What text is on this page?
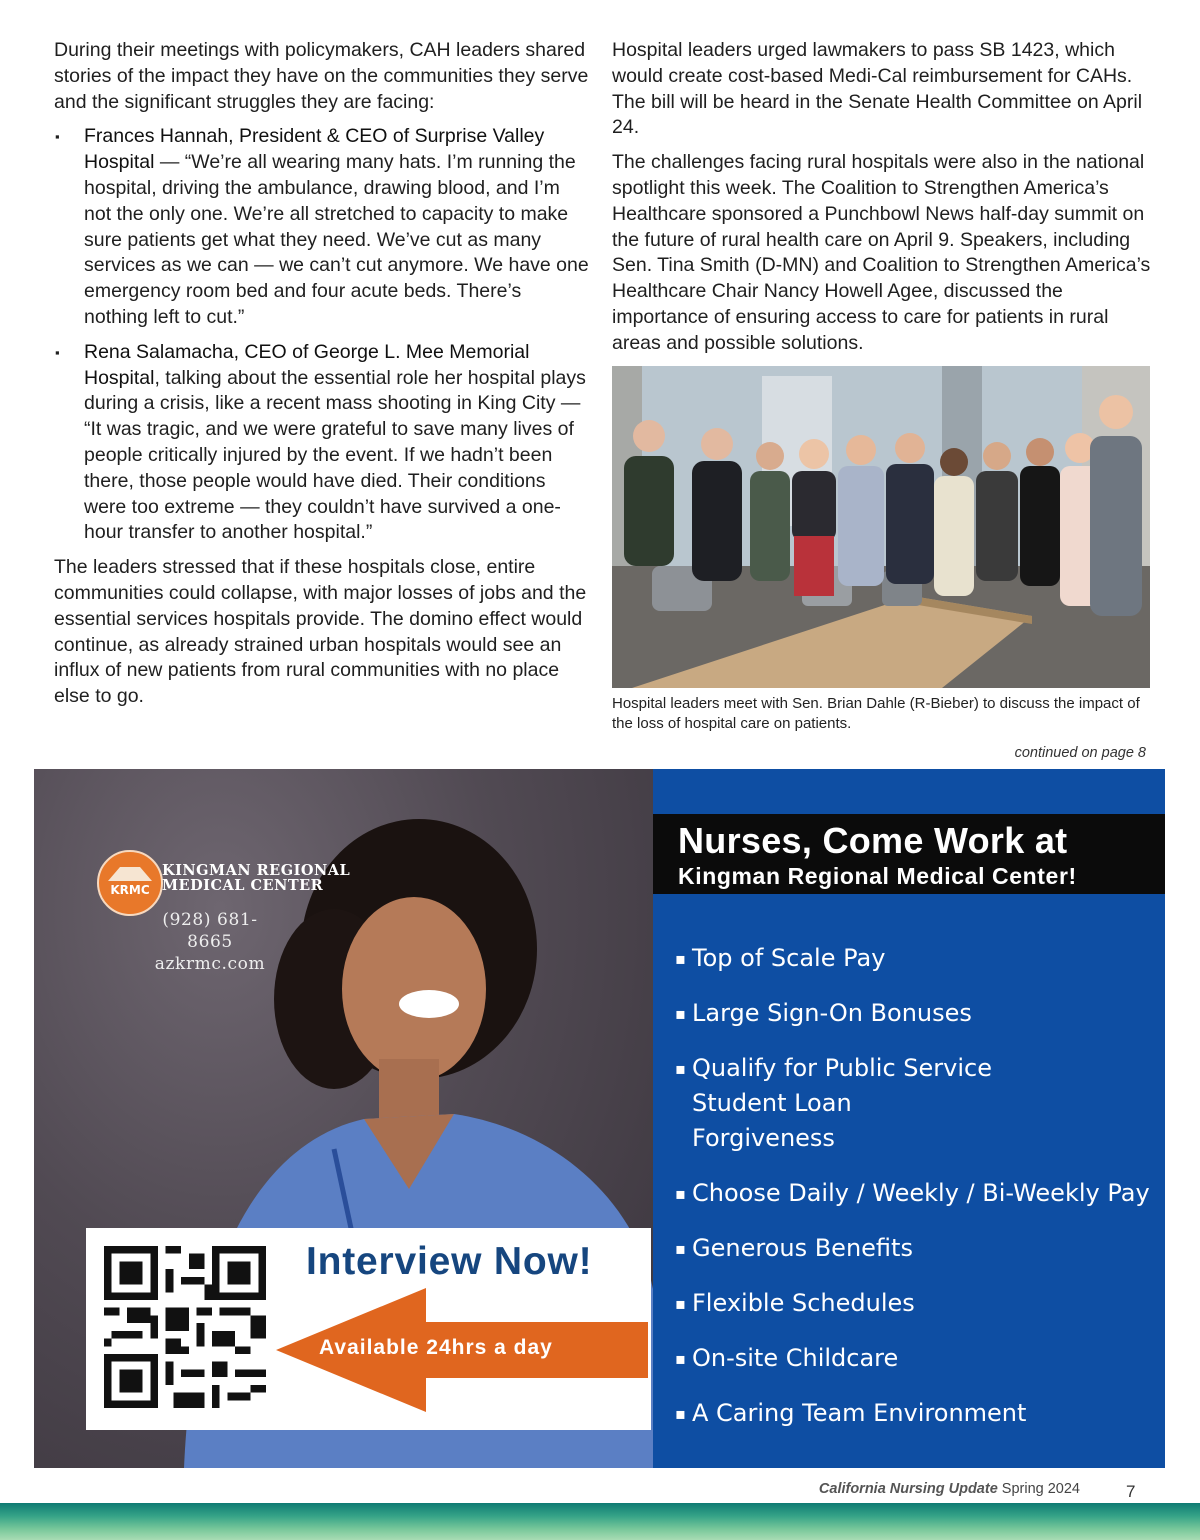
During their meetings with policymakers, CAH leaders shared stories of the impact they have on the communities they serve and the significant struggles they are facing:

▪ Frances Hannah, President & CEO of Surprise Valley Hospital — “We’re all wearing many hats. I’m running the hospital, driving the ambulance, drawing blood, and I’m not the only one. We’re all stretched to capacity to make sure patients get what they need. We’ve cut as many services as we can — we can’t cut anymore. We have one emergency room bed and four acute beds. There’s nothing left to cut.”
▪ Rena Salamacha, CEO of George L. Mee Memorial Hospital, talking about the essential role her hospital plays during a crisis, like a recent mass shooting in King City — “It was tragic, and we were grateful to save many lives of people critically injured by the event. If we hadn’t been there, those people would have died. Their conditions were too extreme — they couldn’t have survived a one-hour transfer to another hospital.”

The leaders stressed that if these hospitals close, entire communities could collapse, with major losses of jobs and the essential services hospitals provide. The domino effect would continue, as already strained urban hospitals would see an influx of new patients from rural communities with no place else to go.

Hospital leaders urged lawmakers to pass SB 1423, which would create cost-based Medi-Cal reimbursement for CAHs. The bill will be heard in the Senate Health Committee on April 24.

The challenges facing rural hospitals were also in the national spotlight this week. The Coalition to Strengthen America’s Healthcare sponsored a Punchbowl News half-day summit on the future of rural health care on April 9. Speakers, including Sen. Tina Smith (D-MN) and Coalition to Strengthen America’s Healthcare Chair Nancy Howell Agee, discussed the importance of ensuring access to care for patients in rural areas and possible solutions.

Hospital leaders meet with Sen. Brian Dahle (R-Bieber) to discuss the impact of the loss of hospital care on patients.
continued on page 8
KRMC
KINGMAN REGIONAL
MEDICAL CENTER
(928) 681-8665
azkrmc.com
Interview Now!
Available 24hrs a day
Nurses, Come Work at
Kingman Regional Medical Center!
▪ Top of Scale Pay
▪ Large Sign-On Bonuses
▪ Qualify for Public Service Student Loan Forgiveness
▪ Choose Daily / Weekly / Bi-Weekly Pay
▪ Generous Benefits
▪ Flexible Schedules
▪ On-site Childcare
▪ A Caring Team Environment
California Nursing Update Spring 2024	7
